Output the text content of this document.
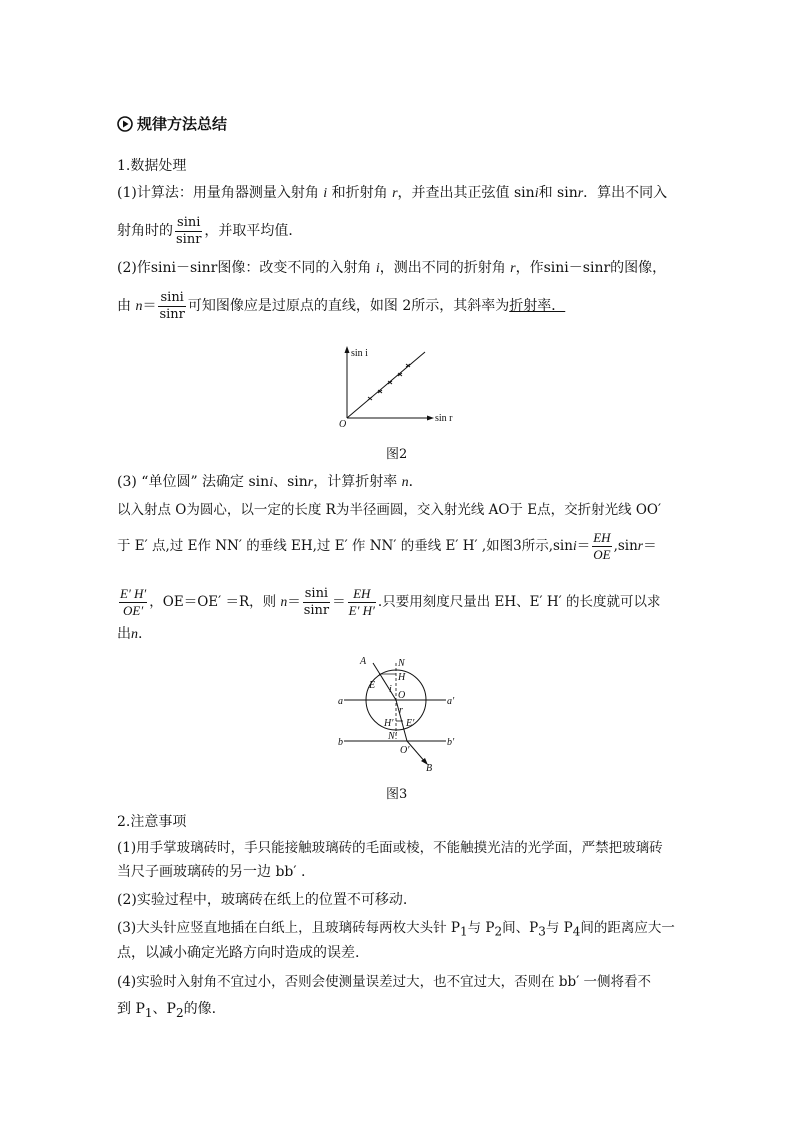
规律方法总结
1.数据处理
(1)计算法：用量角器测量入射角 i 和折射角 r，并查出其正弦值 sini和 sinr．算出不同入
射角时的 $\frac{\sin i}{\sin r}$ ，并取平均值．
(2)作sini－sinr图像：改变不同的入射角 i，测出不同的折射角 r，作sini－sinr的图像，
由 $n= \frac{\sin i}{\sin r}$ 可知图像应是过原点的直线，如图 2所示，其斜率为折射率．
sin i
sin r
O
图2
(3) “单位圆” 法确定 sini、sinr，计算折射率 n．
以入射点 O为圆心，以一定的长度 R为半径画圆，交入射光线 AO于 E点，交折射光线 OO′
于 E′ 点,过 E作 NN′ 的垂线 EH,过 E′ 作 NN′ 的垂线 E′ H′ ,如图3所示$,\sin i= \frac{EH}{OE} ,\sin r=$
$\frac{E' H'}{OE'}$ ，OE＝OE′ ＝R，则 $n= \frac{\sin i}{\sin r} = \frac{EH}{E' H'}$ .只要用刻度尺量出 EH、E′ H′ 的长度就可以求
出n.
A	N
H
E i
O
a	a′
r
H′ E′
N′
O′
b	b′
B
图3
2.注意事项
(1)用手掌玻璃砖时，手只能接触玻璃砖的毛面或棱，不能触摸光洁的光学面，严禁把玻璃砖
当尺子画玻璃砖的另一边 bb′ .
(2)实验过程中，玻璃砖在纸上的位置不可移动.
(3)大头针应竖直地插在白纸上，且玻璃砖每两枚大头针 $P_1$与 $P_2$间、$P_3$与 $P_4$间的距离应大一
点，以减小确定光路方向时造成的误差.
(4)实验时入射角不宜过小，否则会使测量误差过大，也不宜过大，否则在 bb′ 一侧将看不
到 $P_1$、$P_2$的像.
